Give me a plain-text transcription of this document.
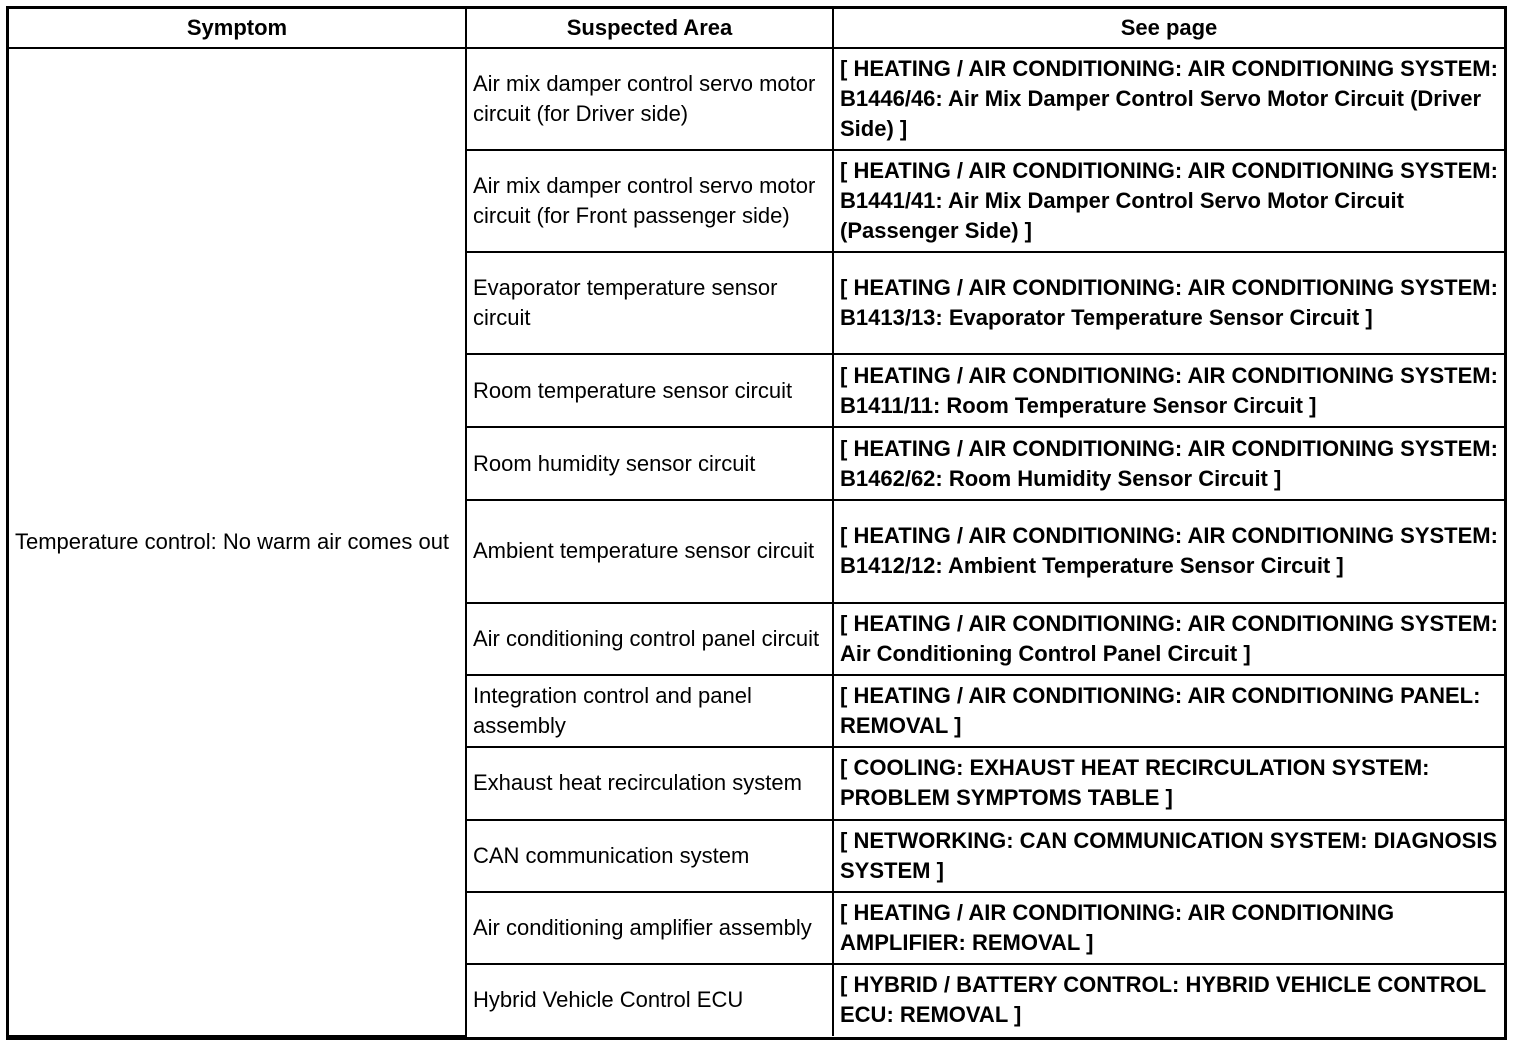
Symptom	Suspected Area	See page
Temperature control: No warm air comes out	Air mix damper control servo motor circuit (for Driver side)	[ HEATING / AIR CONDITIONING: AIR CONDITIONING SYSTEM: B1446/46: Air Mix Damper Control Servo Motor Circuit (Driver Side) ]
	Air mix damper control servo motor circuit (for Front passenger side)	[ HEATING / AIR CONDITIONING: AIR CONDITIONING SYSTEM: B1441/41: Air Mix Damper Control Servo Motor Circuit (Passenger Side) ]
	Evaporator temperature sensor circuit	[ HEATING / AIR CONDITIONING: AIR CONDITIONING SYSTEM: B1413/13: Evaporator Temperature Sensor Circuit ]
	Room temperature sensor circuit	[ HEATING / AIR CONDITIONING: AIR CONDITIONING SYSTEM: B1411/11: Room Temperature Sensor Circuit ]
	Room humidity sensor circuit	[ HEATING / AIR CONDITIONING: AIR CONDITIONING SYSTEM: B1462/62: Room Humidity Sensor Circuit ]
	Ambient temperature sensor circuit	[ HEATING / AIR CONDITIONING: AIR CONDITIONING SYSTEM: B1412/12: Ambient Temperature Sensor Circuit ]
	Air conditioning control panel circuit	[ HEATING / AIR CONDITIONING: AIR CONDITIONING SYSTEM: Air Conditioning Control Panel Circuit ]
	Integration control and panel assembly	[ HEATING / AIR CONDITIONING: AIR CONDITIONING PANEL: REMOVAL ]
	Exhaust heat recirculation system	[ COOLING: EXHAUST HEAT RECIRCULATION SYSTEM: PROBLEM SYMPTOMS TABLE ]
	CAN communication system	[ NETWORKING: CAN COMMUNICATION SYSTEM: DIAGNOSIS SYSTEM ]
	Air conditioning amplifier assembly	[ HEATING / AIR CONDITIONING: AIR CONDITIONING AMPLIFIER: REMOVAL ]
	Hybrid Vehicle Control ECU	[ HYBRID / BATTERY CONTROL: HYBRID VEHICLE CONTROL ECU: REMOVAL ]
